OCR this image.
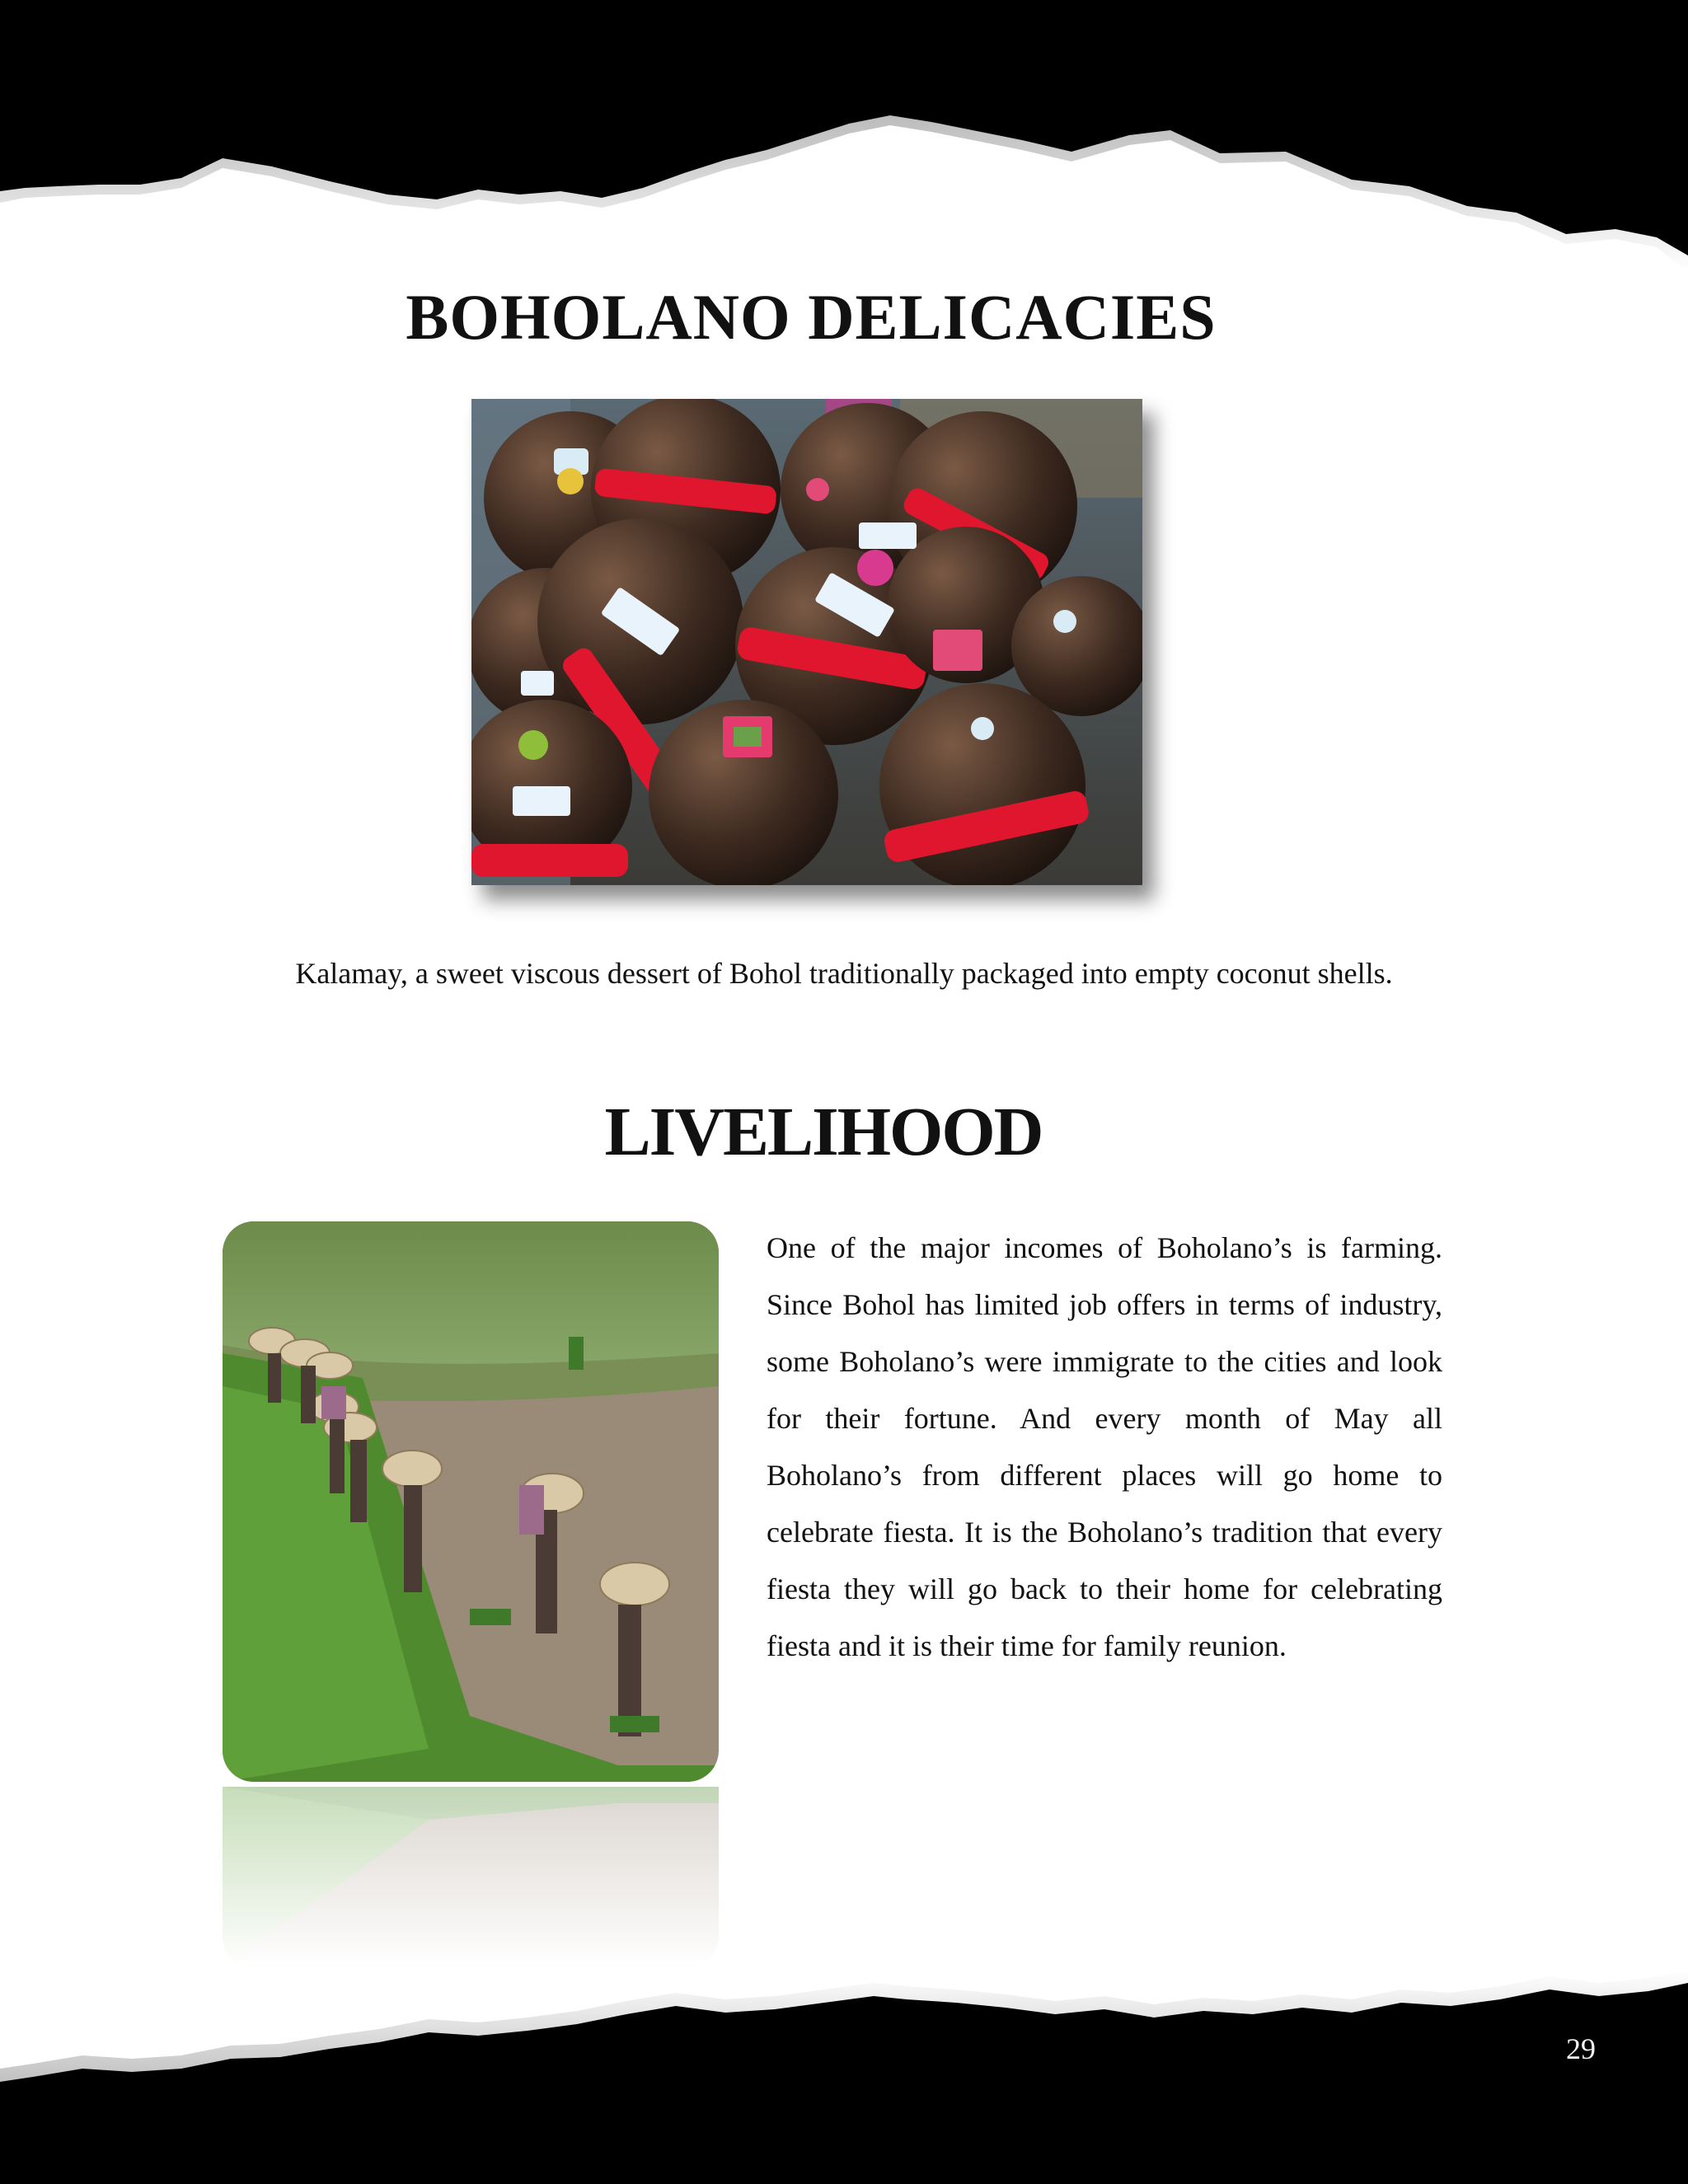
BOHOLANO DELICACIES

Kalamay, a sweet viscous dessert of Bohol traditionally packaged into empty coconut shells.

LIVELIHOOD

One of the major incomes of Boholano’s is farming. Since Bohol has limited job offers in terms of industry, some Boholano’s were immigrate to the cities and look for their fortune. And every month of May all Boholano’s from different places will go home to celebrate fiesta. It is the Boholano’s tradition that every fiesta they will go back to their home for celebrating fiesta and it is their time for family reunion.

29
